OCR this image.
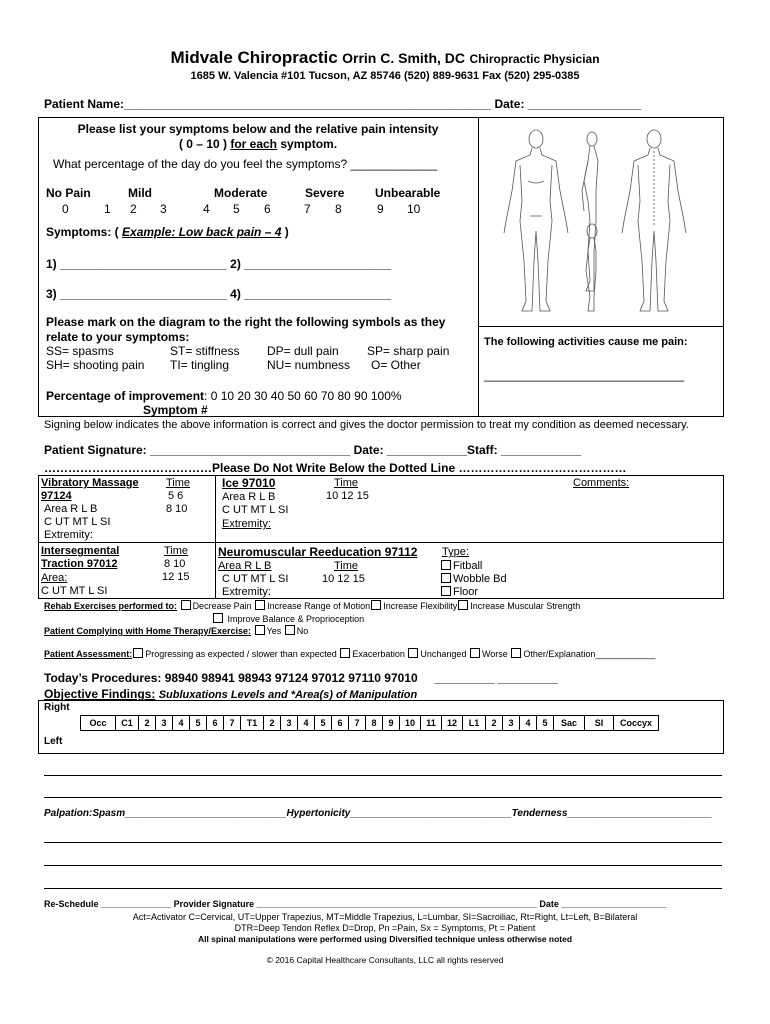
Midvale Chiropractic Orrin C. Smith, DC Chiropractic Physician
1685 W. Valencia #101 Tucson, AZ 85746 (520) 889-9631 Fax (520) 295-0385
Patient Name:_______________________________________________________ Date: _________________
Please list your symptoms below and the relative pain intensity
( 0 – 10 ) for each symptom.
What percentage of the day do you feel the symptoms? _____________
No Pain	Mild	Moderate	Severe	Unbearable
0	1 2 3	4 5 6	7 8	9 10
Symptoms: ( Example: Low back pain – 4 )
1) _________________________ 2) ______________________
3) _________________________ 4) ______________________
Please mark on the diagram to the right the following symbols as they
relate to your symptoms:
SS= spasms	ST= stiffness DP= dull pain SP= sharp pain
SH= shooting pain TI= tingling	NU= numbness O= Other
Percentage of improvement: 0 10 20 30 40 50 60 70 80 90 100%
Symptom #
The following activities cause me pain:
______________________________
Signing below indicates the above information is correct and gives the doctor permission to treat my condition as deemed necessary.
Patient Signature: ______________________________ Date: ____________Staff: ____________
……………………………………Please Do Not Write Below the Dotted Line ……………………………………
Vibratory Massage 97124
Area R L B
C UT MT L SI
Extremity:
Time
5 6
8 10
Ice 97010
Area R L B
C UT MT L SI
Extremity:
Time
10 12 15
Comments:
Intersegmental Traction 97012
Area:
C UT MT L SI
Time
8 10
12 15
Neuromuscular Reeducation 97112 Type:
Area R L B
C UT MT L SI
Extremity:
Time
10 12 15
Fitball
Wobble Bd
Floor
Rehab Exercises performed to: Decrease Pain Increase Range of Motion Increase Flexibility Increase Muscular Strength
Improve Balance & Proprioception
Patient Complying with Home Therapy/Exercise: Yes No
Patient Assessment: Progressing as expected / slower than expected Exacerbation Unchanged Worse Other/Explanation____________
Today’s Procedures: 98940 98941 98943 97124 97012 97110 97010 _________ _________
Objective Findings: Subluxations Levels and *Area(s) of Manipulation
Right
Left
Occ	C1	2	3	4	5	6	7	T1	2	3	4	5	6	7	8	9	10	11	12	L1	2	3	4	5	Sac	SI	Coccyx
Palpation:Spasm_____________________________Hypertonicity_____________________________Tenderness__________________________
Re-Schedule ______________ Provider Signature ________________________________________________________ Date _____________________
Act=Activator C=Cervical, UT=Upper Trapezius, MT=Middle Trapezius, L=Lumbar, SI=Sacroiliac, Rt=Right, Lt=Left, B=Bilateral
DTR=Deep Tendon Reflex D=Drop, Pn =Pain, Sx = Symptoms, Pt = Patient
All spinal manipulations were performed using Diversified technique unless otherwise noted
© 2016 Capital Healthcare Consultants, LLC all rights reserved
